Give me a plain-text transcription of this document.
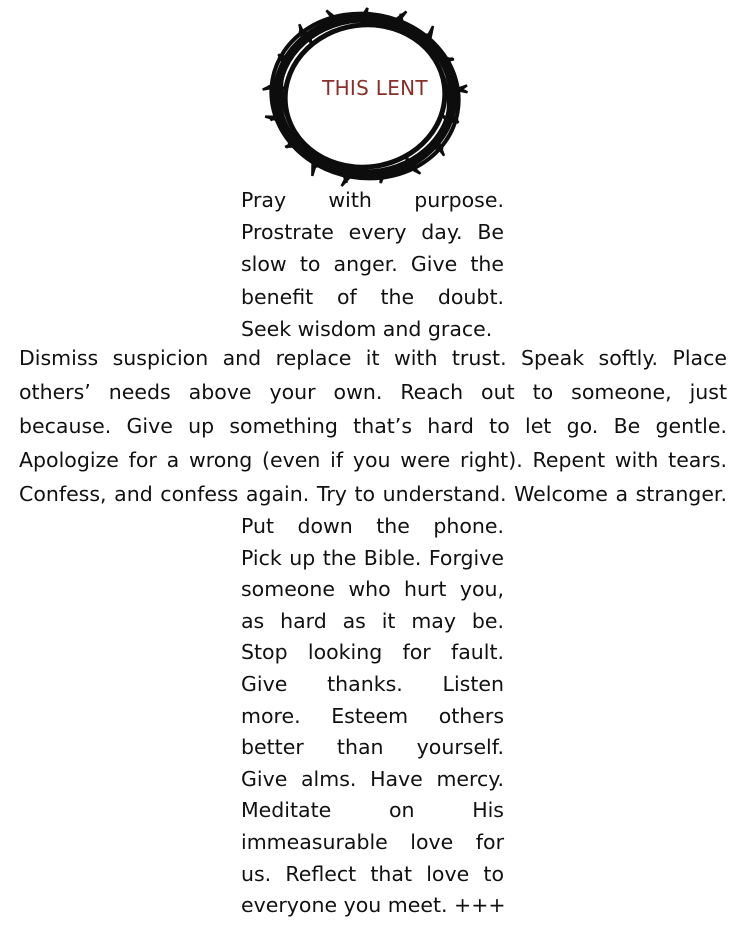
THIS LENT
Pray with purpose.
Prostrate every day. Be
slow to anger. Give the
benefit of the doubt.
Seek wisdom and grace.
Dismiss suspicion and replace it with trust. Speak softly. Place
others’ needs above your own. Reach out to someone, just
because. Give up something that’s hard to let go. Be gentle.
Apologize for a wrong (even if you were right). Repent with tears.
Confess, and confess again. Try to understand. Welcome a stranger.
Put down the phone.
Pick up the Bible. Forgive
someone who hurt you,
as hard as it may be.
Stop looking for fault.
Give thanks. Listen
more. Esteem others
better than yourself.
Give alms. Have mercy.
Meditate on His
immeasurable love for
us. Reflect that love to
everyone you meet. +++
